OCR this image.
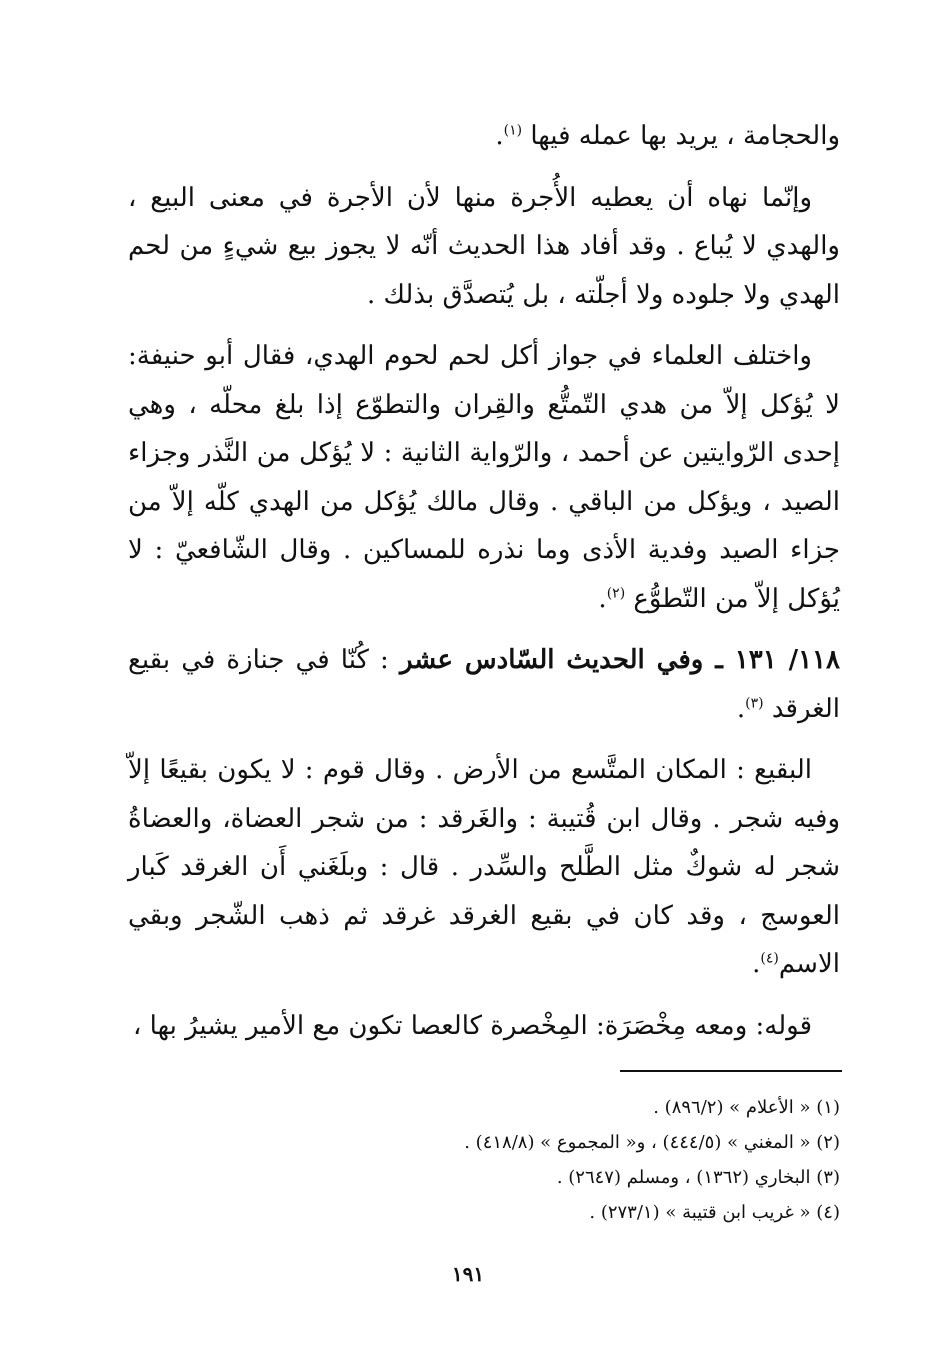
والحجامة ، يريد بها عمله فيها $^{(١)}$.

وإنّما نهاه أن يعطيه الأُجرة منها لأن الأجرة في معنى البيع ، والهدي لا يُباع . وقد أفاد هذا الحديث أنّه لا يجوز بيع شيءٍ من لحم الهدي ولا جلوده ولا أجلّته ، بل يُتصدَّق بذلك .

واختلف العلماء في جواز أكل لحم لحوم الهدي، فقال أبو حنيفة: لا يُؤكل إلاّ من هدي التّمتُّع والقِران والتطوّع إذا بلغ محلّه ، وهي إحدى الرّوايتين عن أحمد ، والرّواية الثانية : لا يُؤكل من النَّذر وجزاء الصيد ، ويؤكل من الباقي . وقال مالك يُؤكل من الهدي كلّه إلاّ من جزاء الصيد وفدية الأذى وما نذره للمساكين . وقال الشّافعيّ : لا يُؤكل إلاّ من التّطوُّع $^{(٢)}$.

١١٨/ ١٣١ ـ وفي الحديث السّادس عشر : كُنّا في جنازة في بقيع الغرقد $^{(٣)}$.

البقيع : المكان المتَّسع من الأرض . وقال قوم : لا يكون بقيعًا إلاّ وفيه شجر . وقال ابن قُتيبة : والغَرقد : من شجر العضاة، والعضاةُ شجر له شوكٌ مثل الطَّلح والسِّدر . قال : وبلَغَني أَن الغرقد كَبار العوسج ، وقد كان في بقيع الغرقد غرقد ثم ذهب الشّجر وبقي الاسم$^{(٤)}$.

قوله: ومعه مِخْصَرَة: المِخْصرة كالعصا تكون مع الأمير يشيرُ بها ،

(١) « الأعلام » (٨٩٦/٢) .

(٢) « المغني » (٤٤٤/٥) ، و« المجموع » (٤١٨/٨) .

(٣) البخاري (١٣٦٢) ، ومسلم (٢٦٤٧) .

(٤) « غريب ابن قتيبة » (٢٧٣/١) .

١٩١
